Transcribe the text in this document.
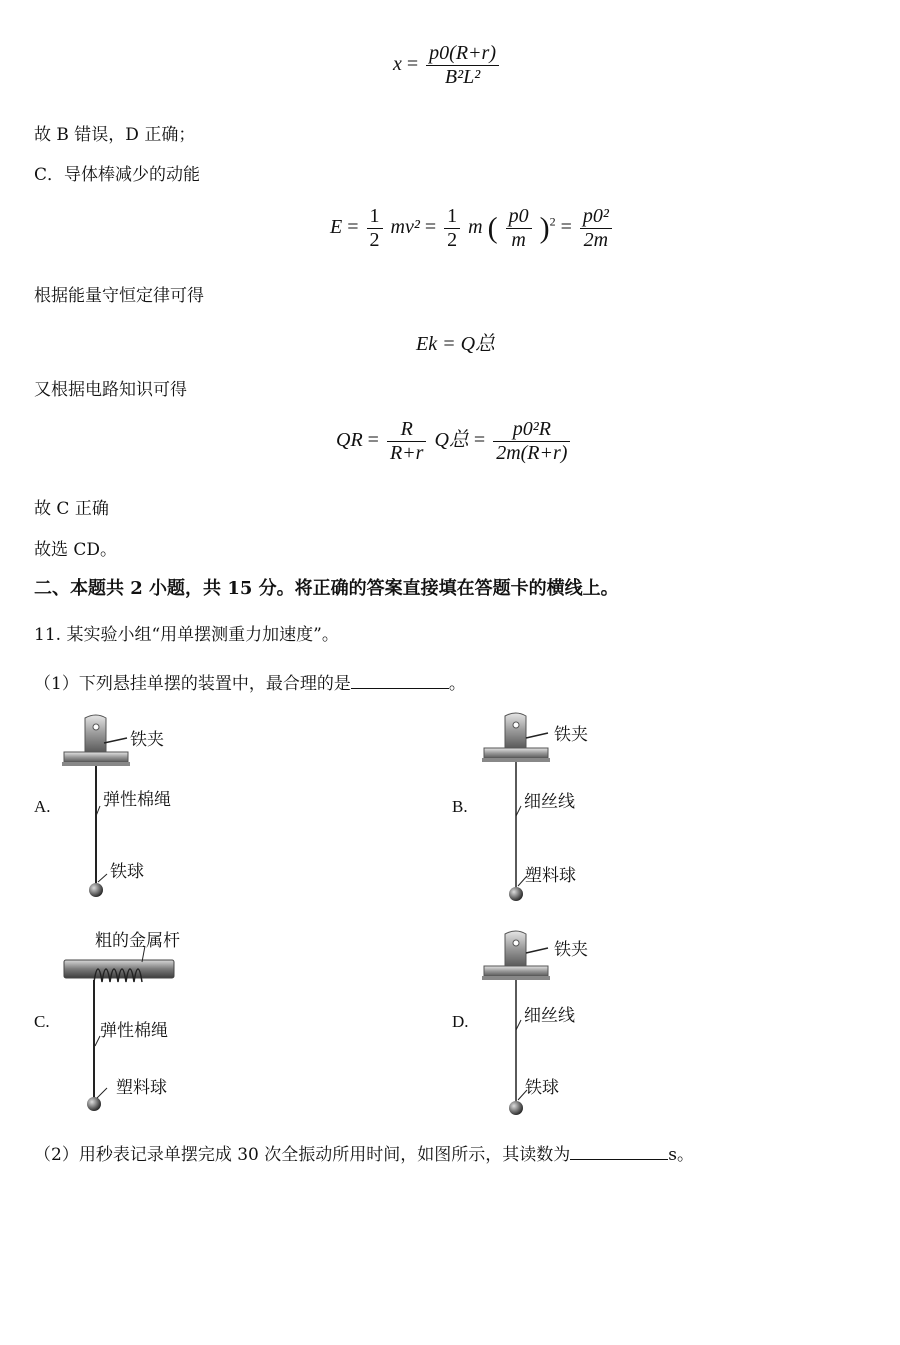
$x = \frac{p0(R+r)}{\text{B²L²}}$
故 B 错误，D 正确；
C．导体棒减少的动能
$E = \frac{1}{2} mv^2 = \frac{1}{2}$ m ( $\frac{p0}{m} )^2 = \frac{\text{p0²}}{2m}$
根据能量守恒定律可得
Ek = Q总
又根据电路知识可得
QR = $\frac{R}{R+r}$ Q总 = $\frac{\text{p0²R}}{2m(R+r)}$
故 C 正确
故选 CD。
二、本题共 2 小题，共 15 分。将正确的答案直接填在答题卡的横线上。
11. 某实验小组“用单摆测重力加速度”。
（1）下列悬挂单摆的装置中，最合理的是	。
A.
铁夹
弹性棉绳
铁球
B.
铁夹
细丝线
塑料球
C.
粗的金属杆
弹性棉绳
塑料球
D.
铁夹
细丝线
铁球
（2）用秒表记录单摆完成 30 次全振动所用时间，如图所示，其读数为	s。
